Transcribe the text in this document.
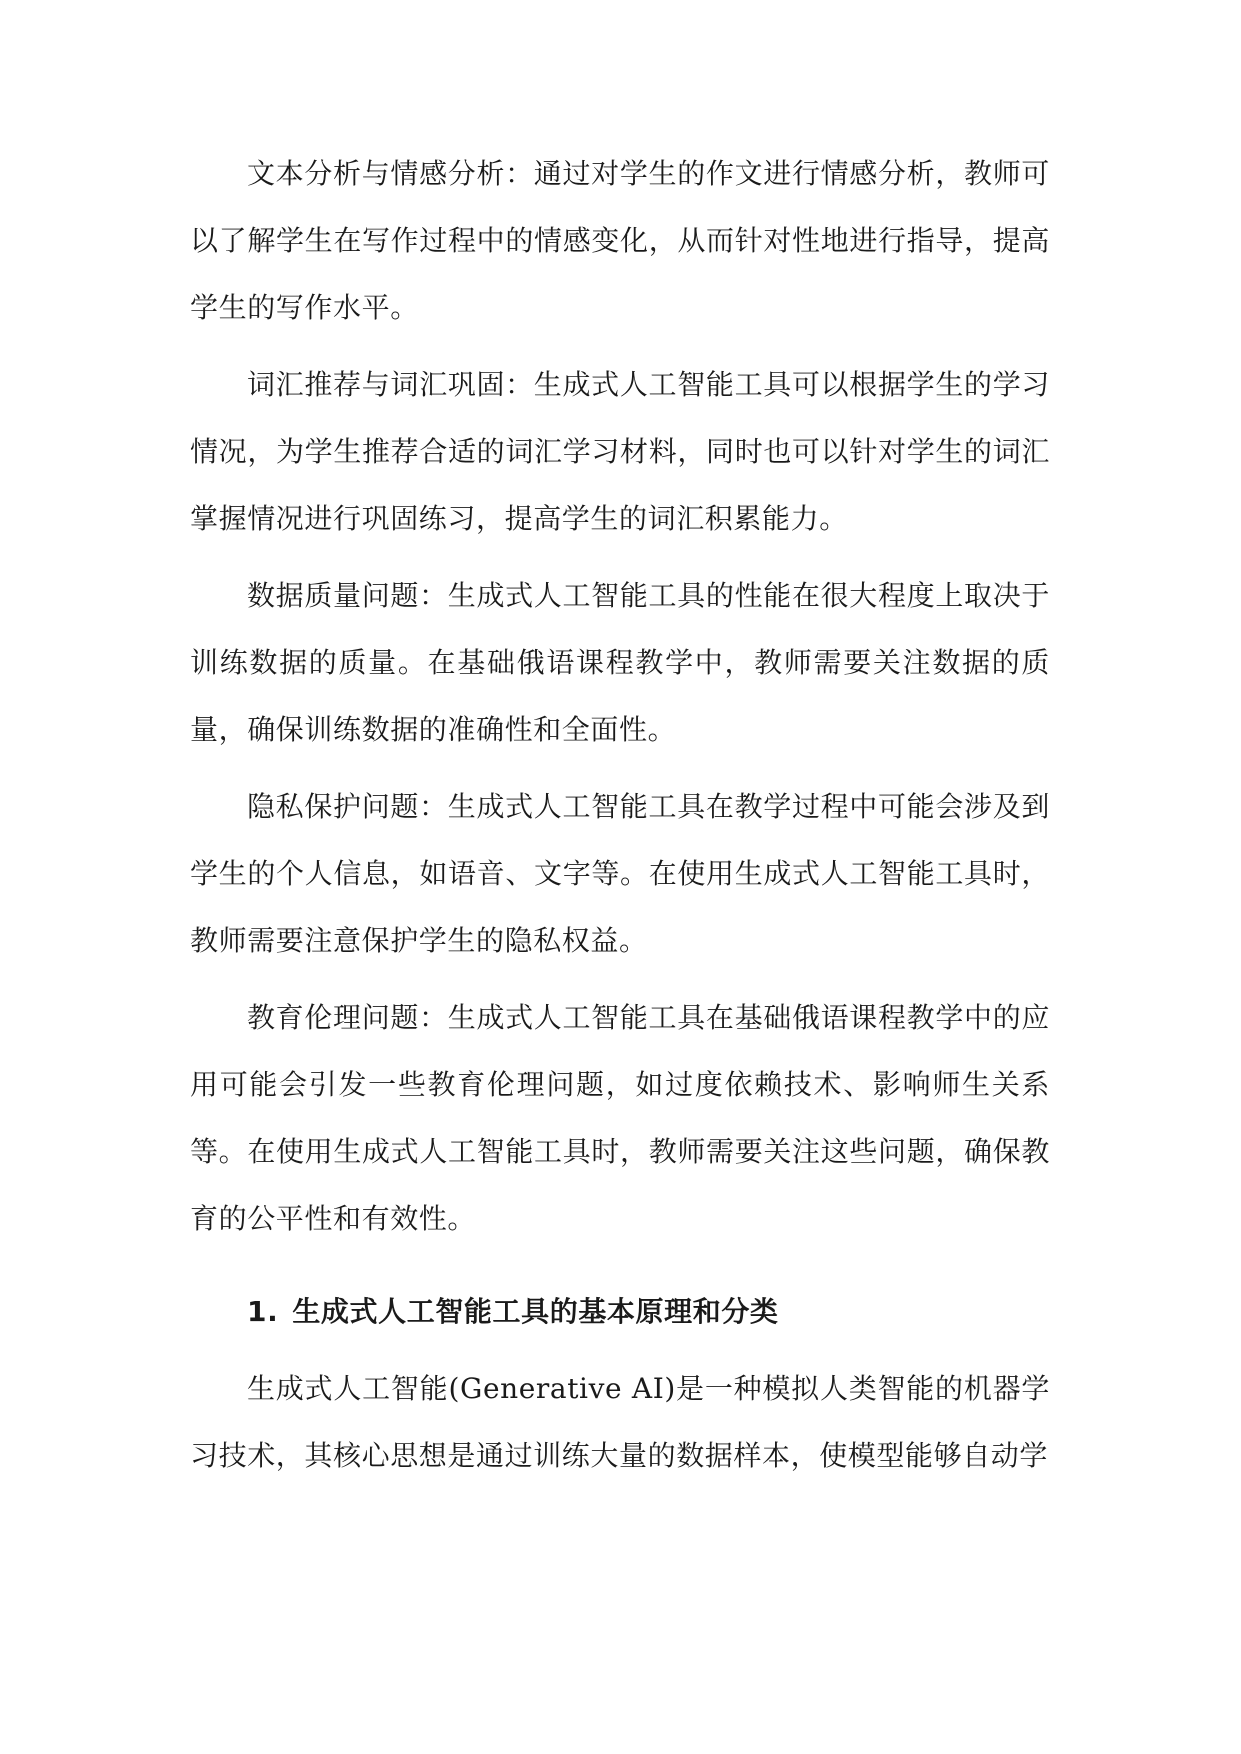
文本分析与情感分析：通过对学生的作文进行情感分析，教师可以了解学生在写作过程中的情感变化，从而针对性地进行指导，提高学生的写作水平。

词汇推荐与词汇巩固：生成式人工智能工具可以根据学生的学习情况，为学生推荐合适的词汇学习材料，同时也可以针对学生的词汇掌握情况进行巩固练习，提高学生的词汇积累能力。

数据质量问题：生成式人工智能工具的性能在很大程度上取决于训练数据的质量。在基础俄语课程教学中，教师需要关注数据的质量，确保训练数据的准确性和全面性。

隐私保护问题：生成式人工智能工具在教学过程中可能会涉及到学生的个人信息，如语音、文字等。在使用生成式人工智能工具时，教师需要注意保护学生的隐私权益。

教育伦理问题：生成式人工智能工具在基础俄语课程教学中的应用可能会引发一些教育伦理问题，如过度依赖技术、影响师生关系等。在使用生成式人工智能工具时，教师需要关注这些问题，确保教育的公平性和有效性。

1. 生成式人工智能工具的基本原理和分类

生成式人工智能(Generative AI)是一种模拟人类智能的机器学习技术，其核心思想是通过训练大量的数据样本，使模型能够自动学
